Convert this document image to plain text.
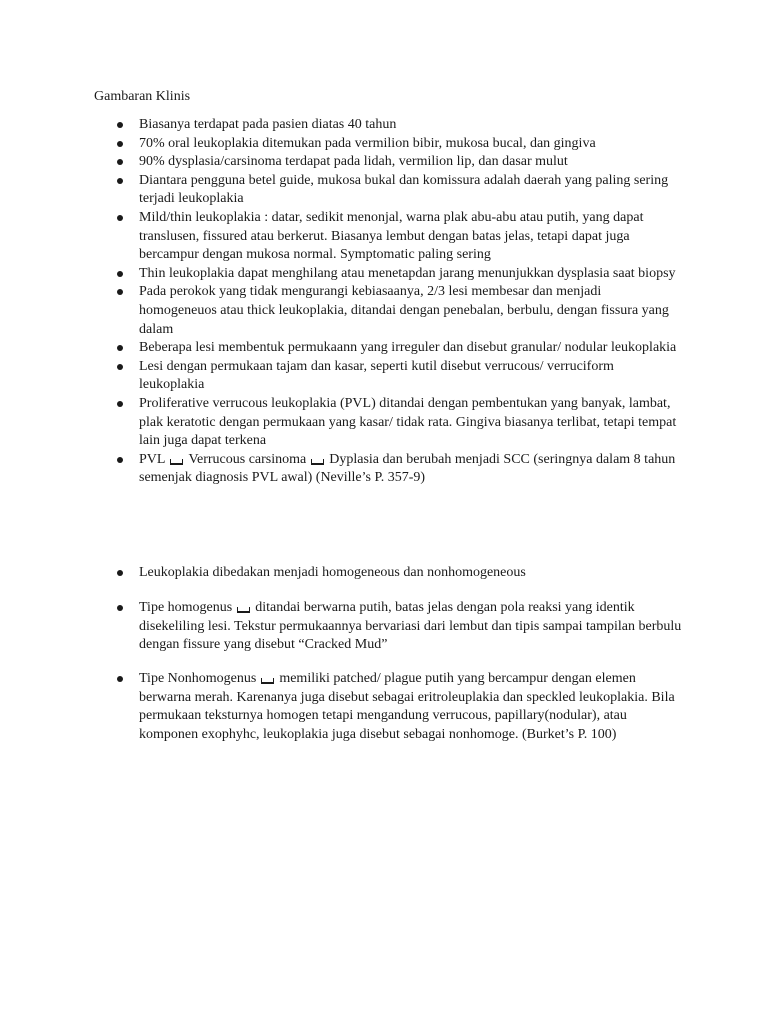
Gambaran Klinis

Biasanya terdapat pada pasien diatas 40 tahun
70% oral leukoplakia ditemukan pada vermilion bibir, mukosa bucal, dan gingiva
90% dysplasia/carsinoma terdapat pada lidah, vermilion lip, dan dasar mulut
Diantara pengguna betel guide, mukosa bukal dan komissura adalah daerah yang paling sering terjadi leukoplakia
Mild/thin leukoplakia : datar, sedikit menonjal, warna plak abu-abu atau putih, yang dapat translusen, fissured atau berkerut. Biasanya lembut dengan batas jelas, tetapi dapat juga bercampur dengan mukosa normal. Symptomatic paling sering
Thin leukoplakia dapat menghilang atau menetapdan jarang menunjukkan dysplasia saat biopsy
Pada perokok yang tidak mengurangi kebiasaanya, 2/3 lesi membesar dan menjadi homogeneuos atau thick leukoplakia, ditandai dengan penebalan, berbulu, dengan fissura yang dalam
Beberapa lesi membentuk permukaann yang irreguler dan disebut granular/ nodular leukoplakia
Lesi dengan permukaan tajam dan kasar, seperti kutil disebut verrucous/ verruciform leukoplakia
Proliferative verrucous leukoplakia (PVL) ditandai dengan pembentukan yang banyak, lambat, plak keratotic dengan permukaan yang kasar/ tidak rata. Gingiva biasanya terlibat, tetapi tempat lain juga dapat terkena
PVL Verrucous carsinoma Dyplasia dan berubah menjadi SCC (seringnya dalam 8 tahun semenjak diagnosis PVL awal) (Neville’s P. 357-9)
Leukoplakia dibedakan menjadi homogeneous dan nonhomogeneous
Tipe homogenus ditandai berwarna putih, batas jelas dengan pola reaksi yang identik disekeliling lesi. Tekstur permukaannya bervariasi dari lembut dan tipis sampai tampilan berbulu dengan fissure yang disebut “Cracked Mud”
Tipe Nonhomogenus memiliki patched/ plague putih yang bercampur dengan elemen berwarna merah. Karenanya juga disebut sebagai eritroleuplakia dan speckled leukoplakia. Bila permukaan teksturnya homogen tetapi mengandung verrucous, papillary(nodular), atau komponen exophyhc, leukoplakia juga disebut sebagai nonhomoge. (Burket’s P. 100)
